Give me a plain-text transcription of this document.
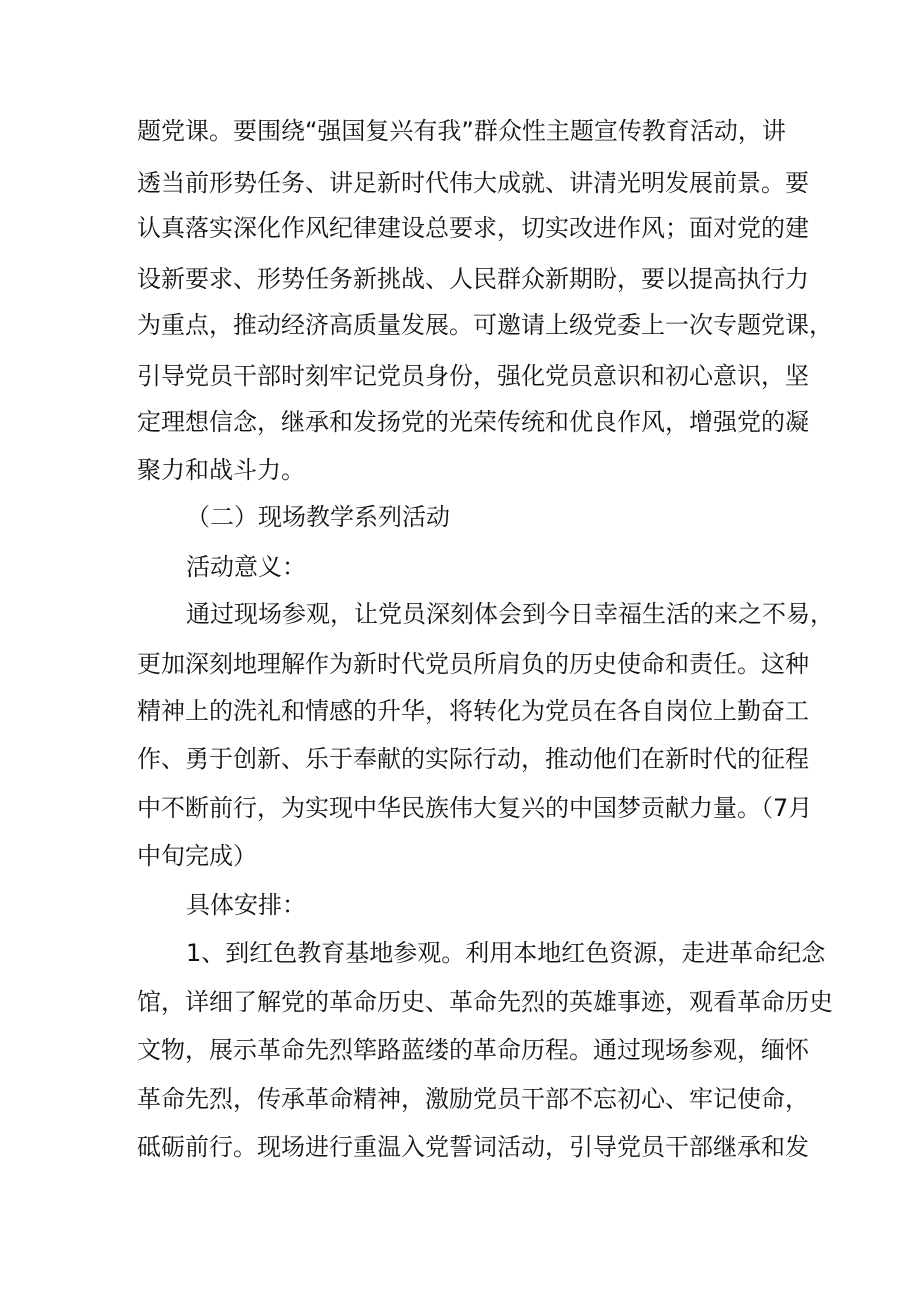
题党课。要围绕“强国复兴有我”群众性主题宣传教育活动，讲
透当前形势任务、讲足新时代伟大成就、讲清光明发展前景。要
认真落实深化作风纪律建设总要求，切实改进作风；面对党的建
设新要求、形势任务新挑战、人民群众新期盼，要以提高执行力
为重点，推动经济高质量发展。可邀请上级党委上一次专题党课，
引导党员干部时刻牢记党员身份，强化党员意识和初心意识，坚
定理想信念，继承和发扬党的光荣传统和优良作风，增强党的凝
聚力和战斗力。
（二）现场教学系列活动
活动意义：
通过现场参观，让党员深刻体会到今日幸福生活的来之不易，
更加深刻地理解作为新时代党员所肩负的历史使命和责任。这种
精神上的洗礼和情感的升华，将转化为党员在各自岗位上勤奋工
作、勇于创新、乐于奉献的实际行动，推动他们在新时代的征程
中不断前行，为实现中华民族伟大复兴的中国梦贡献力量。（7月
中旬完成）
具体安排：
1、到红色教育基地参观。利用本地红色资源，走进革命纪念
馆，详细了解党的革命历史、革命先烈的英雄事迹，观看革命历史
文物，展示革命先烈筚路蓝缕的革命历程。通过现场参观，缅怀
革命先烈，传承革命精神，激励党员干部不忘初心、牢记使命，
砥砺前行。现场进行重温入党誓词活动，引导党员干部继承和发
